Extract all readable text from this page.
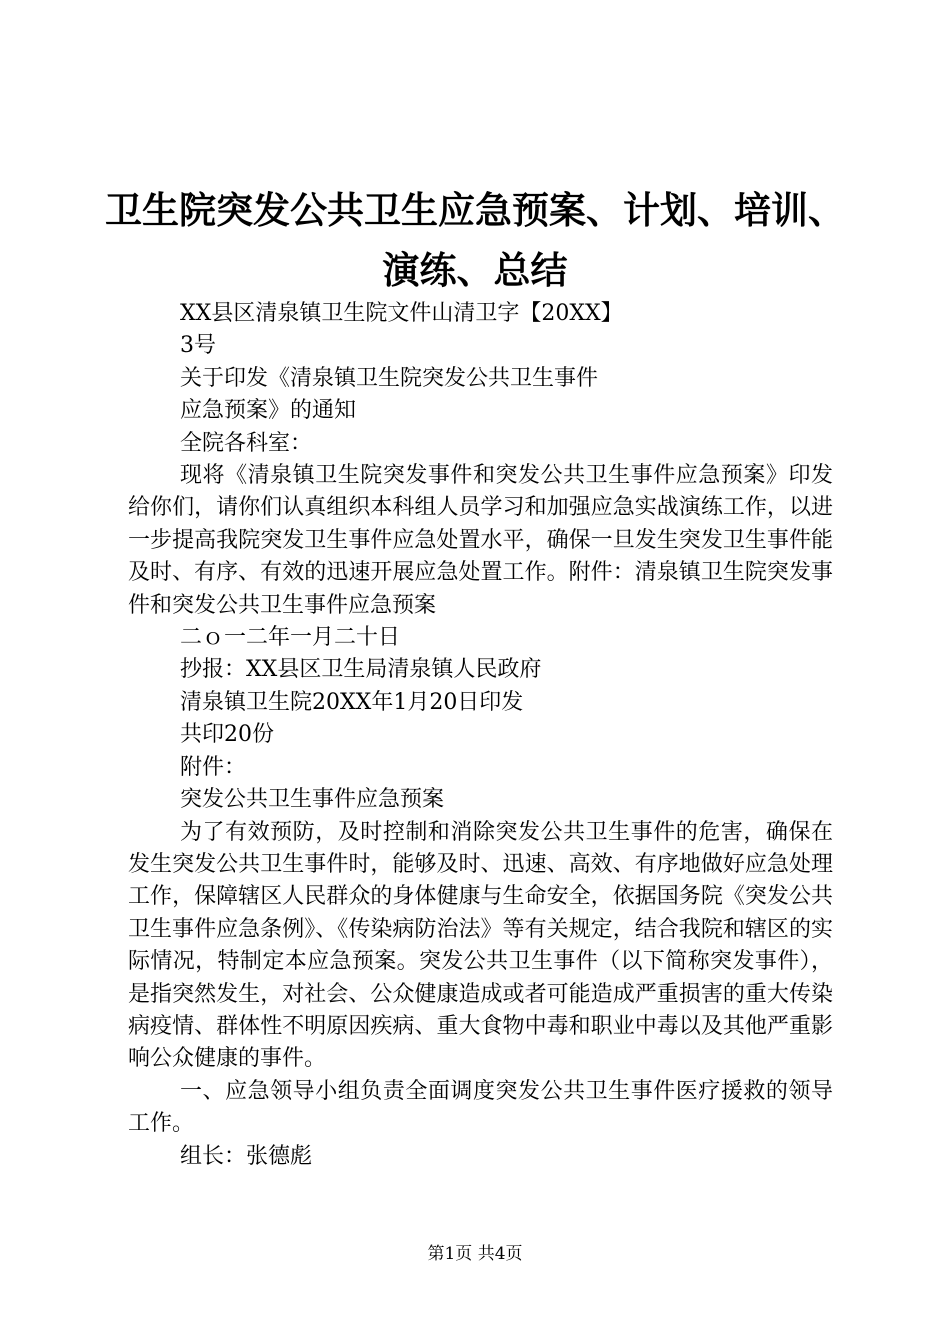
卫生院突发公共卫生应急预案、计划、培训、
演练、总结

XX县区清泉镇卫生院文件山清卫字【20XX】

3号

关于印发《清泉镇卫生院突发公共卫生事件

应急预案》的通知

全院各科室：

现将《清泉镇卫生院突发事件和突发公共卫生事件应急预案》印发给你们，请你们认真组织本科组人员学习和加强应急实战演练工作，以进一步提高我院突发卫生事件应急处置水平，确保一旦发生突发卫生事件能及时、有序、有效的迅速开展应急处置工作。附件：清泉镇卫生院突发事件和突发公共卫生事件应急预案

二ｏ一二年一月二十日

抄报：XX县区卫生局清泉镇人民政府

清泉镇卫生院20XX年1月20日印发

共印20份

附件：

突发公共卫生事件应急预案

为了有效预防，及时控制和消除突发公共卫生事件的危害，确保在发生突发公共卫生事件时，能够及时、迅速、高效、有序地做好应急处理工作，保障辖区人民群众的身体健康与生命安全，依据国务院《突发公共卫生事件应急条例》、《传染病防治法》等有关规定，结合我院和辖区的实际情况，特制定本应急预案。突发公共卫生事件（以下简称突发事件），是指突然发生，对社会、公众健康造成或者可能造成严重损害的重大传染病疫情、群体性不明原因疾病、重大食物中毒和职业中毒以及其他严重影响公众健康的事件。

一、应急领导小组负责全面调度突发公共卫生事件医疗援救的领导工作。

组长：张德彪

第1页 共4页
